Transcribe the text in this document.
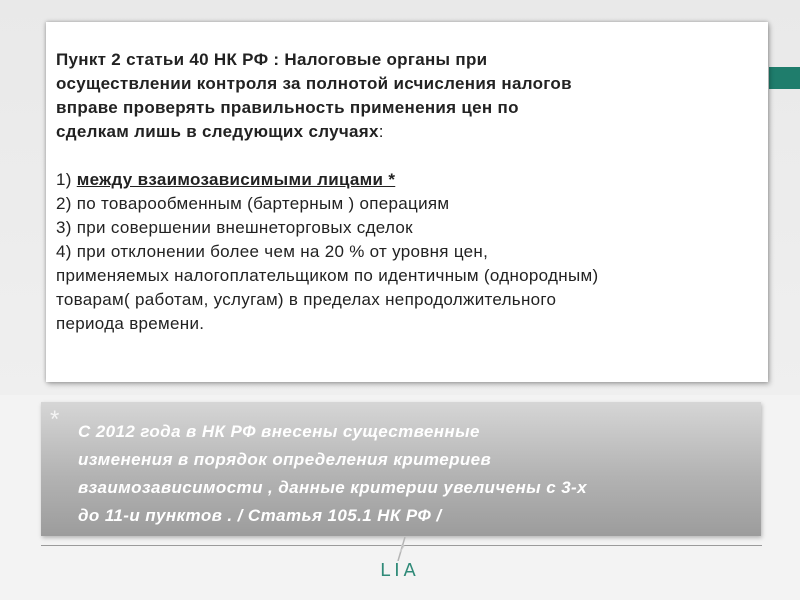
Пункт 2 статьи 40 НК РФ : Налоговые органы при
осуществлении контроля за полнотой исчисления налогов
вправе проверять правильность применения цен по
сделкам лишь в следующих случаях:
1) между взаимозависимыми лицами *
2) по товарообменным (бартерным ) операциям
3) при совершении внешнеторговых сделок
4) при отклонении более чем на 20 % от уровня цен,
применяемых налогоплательщиком по идентичным (однородным)
товарам( работам, услугам) в пределах непродолжительного
периода времени.
* С 2012 года в НК РФ внесены существенные
изменения в порядок определения критериев
взаимозависимости , данные критерии увеличены с 3-х
до 11-и пунктов . / Статья 105.1 НК РФ /
LIA
